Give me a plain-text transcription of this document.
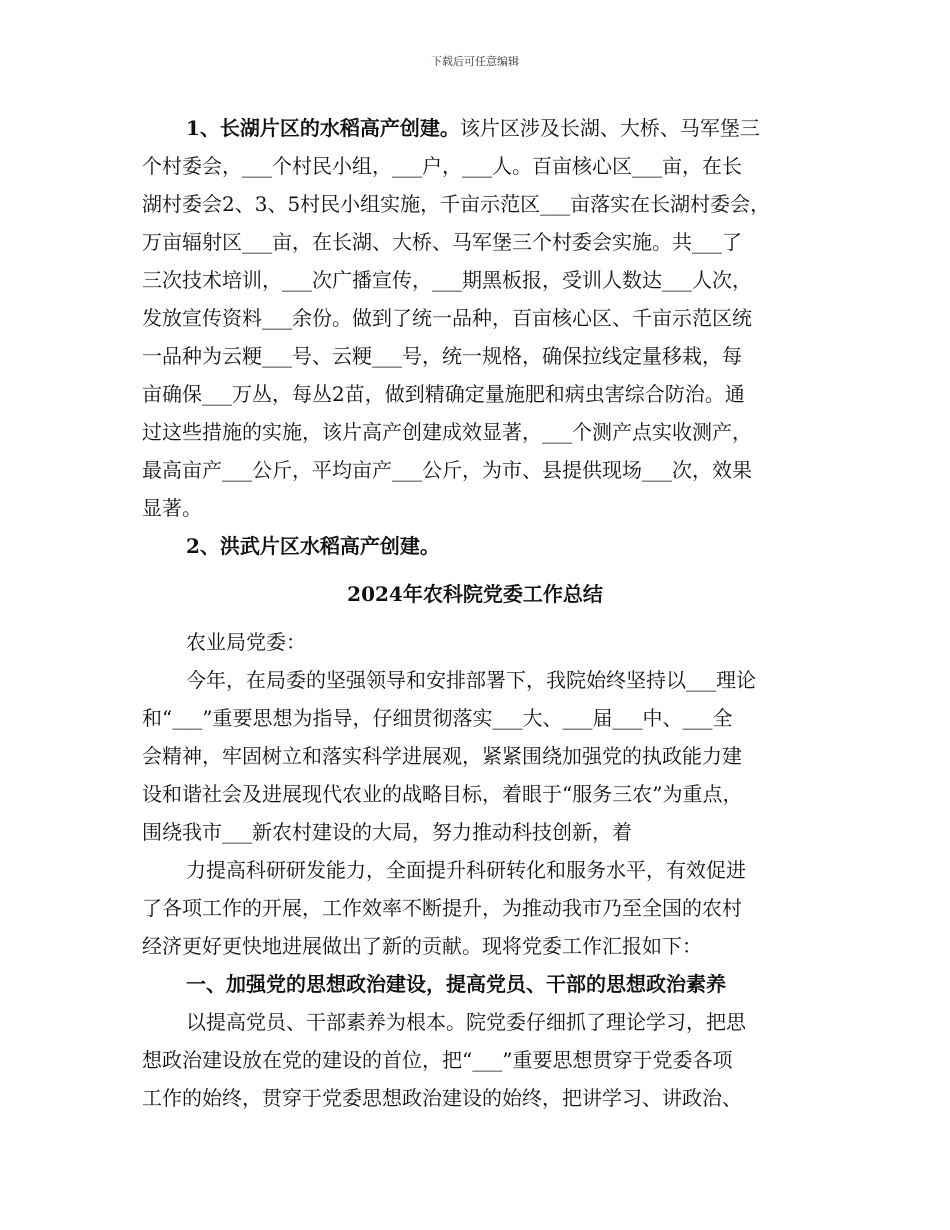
下载后可任意编辑
1、长湖片区的水稻高产创建。该片区涉及长湖、大桥、马军堡三
个村委会，___个村民小组，___户，___人。百亩核心区___亩，在长
湖村委会2、3、5村民小组实施，千亩示范区___亩落实在长湖村委会，
万亩辐射区___亩，在长湖、大桥、马军堡三个村委会实施。共___了
三次技术培训，___次广播宣传，___期黑板报，受训人数达___人次，
发放宣传资料___余份。做到了统一品种，百亩核心区、千亩示范区统
一品种为云粳___号、云粳___号，统一规格，确保拉线定量移栽，每
亩确保___万丛，每丛2苗，做到精确定量施肥和病虫害综合防治。通
过这些措施的实施，该片高产创建成效显著，___个测产点实收测产，
最高亩产___公斤，平均亩产___公斤，为市、县提供现场___次，效果
显著。
2、洪武片区水稻高产创建。
2024年农科院党委工作总结
农业局党委：
今年，在局委的坚强领导和安排部署下，我院始终坚持以___理论
和“___”重要思想为指导，仔细贯彻落实___大、___届___中、___全
会精神，牢固树立和落实科学进展观，紧紧围绕加强党的执政能力建
设和谐社会及进展现代农业的战略目标，着眼于“服务三农”为重点，
围绕我市___新农村建设的大局，努力推动科技创新，着
力提高科研研发能力，全面提升科研转化和服务水平，有效促进
了各项工作的开展，工作效率不断提升，为推动我市乃至全国的农村
经济更好更快地进展做出了新的贡献。现将党委工作汇报如下：
一、加强党的思想政治建设，提高党员、干部的思想政治素养
以提高党员、干部素养为根本。院党委仔细抓了理论学习，把思
想政治建设放在党的建设的首位，把“___”重要思想贯穿于党委各项
工作的始终，贯穿于党委思想政治建设的始终，把讲学习、讲政治、
